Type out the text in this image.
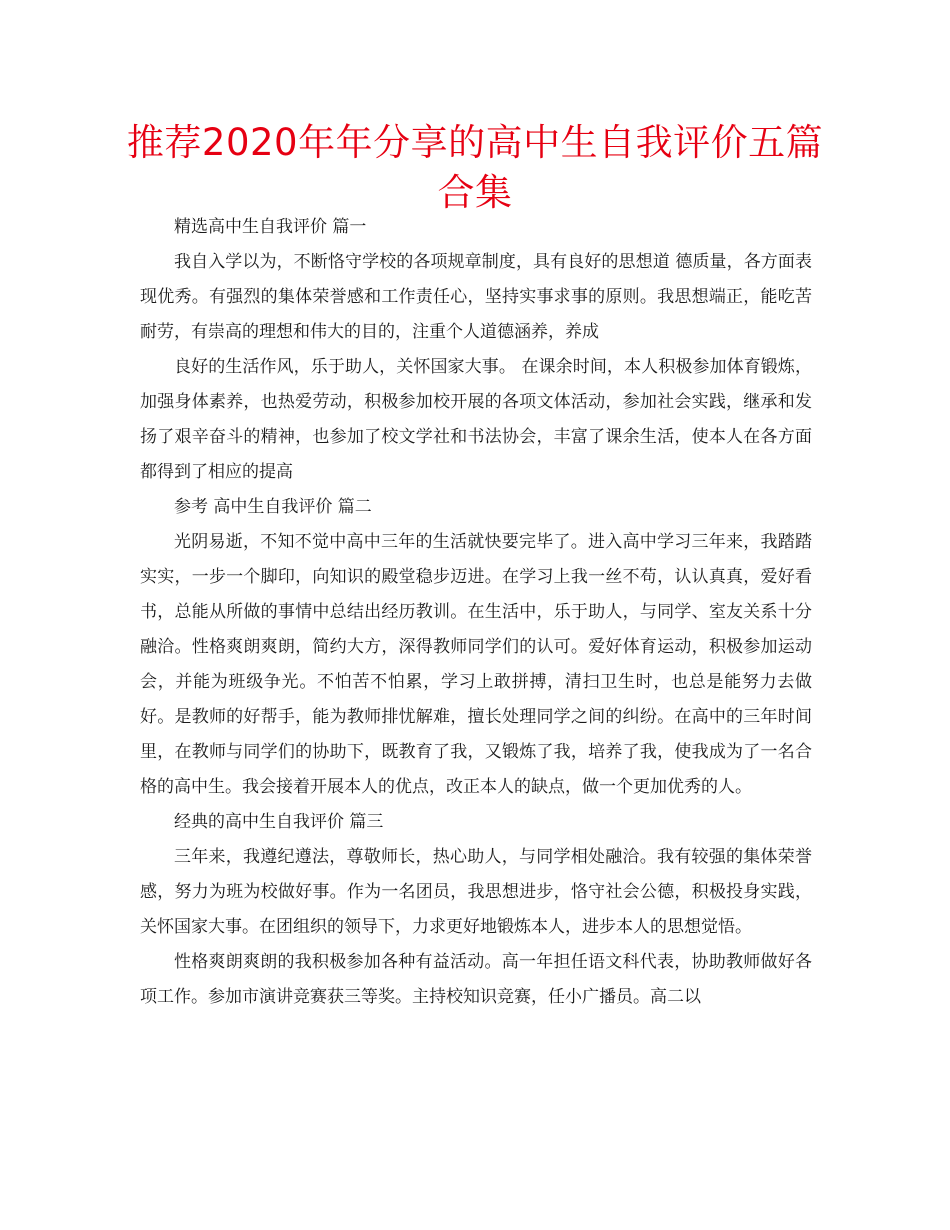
推荐2020年年分享的高中生自我评价五篇合集

精选高中生自我评价 篇一

我自入学以为，不断恪守学校的各项规章制度，具有良好的思想道 德质量，各方面表现优秀。有强烈的集体荣誉感和工作责任心，坚持实事求事的原则。我思想端正，能吃苦耐劳，有崇高的理想和伟大的目的，注重个人道德涵养，养成

良好的生活作风，乐于助人，关怀国家大事。 在课余时间，本人积极参加体育锻炼，加强身体素养，也热爱劳动，积极参加校开展的各项文体活动，参加社会实践，继承和发扬了艰辛奋斗的精神，也参加了校文学社和书法协会，丰富了课余生活，使本人在各方面都得到了相应的提高

参考 高中生自我评价 篇二

光阴易逝，不知不觉中高中三年的生活就快要完毕了。进入高中学习三年来，我踏踏实实，一步一个脚印，向知识的殿堂稳步迈进。在学习上我一丝不苟，认认真真，爱好看书，总能从所做的事情中总结出经历教训。在生活中，乐于助人，与同学、室友关系十分融洽。性格爽朗爽朗，简约大方，深得教师同学们的认可。爱好体育运动，积极参加运动会，并能为班级争光。不怕苦不怕累，学习上敢拼搏，清扫卫生时，也总是能努力去做好。是教师的好帮手，能为教师排忧解难，擅长处理同学之间的纠纷。在高中的三年时间里，在教师与同学们的协助下，既教育了我，又锻炼了我，培养了我，使我成为了一名合格的高中生。我会接着开展本人的优点，改正本人的缺点，做一个更加优秀的人。

经典的高中生自我评价 篇三

三年来，我遵纪遵法，尊敬师长，热心助人，与同学相处融洽。我有较强的集体荣誉感，努力为班为校做好事。作为一名团员，我思想进步，恪守社会公德，积极投身实践，关怀国家大事。在团组织的领导下，力求更好地锻炼本人，进步本人的思想觉悟。

性格爽朗爽朗的我积极参加各种有益活动。高一年担任语文科代表，协助教师做好各项工作。参加市演讲竞赛获三等奖。主持校知识竞赛，任小广播员。高二以
